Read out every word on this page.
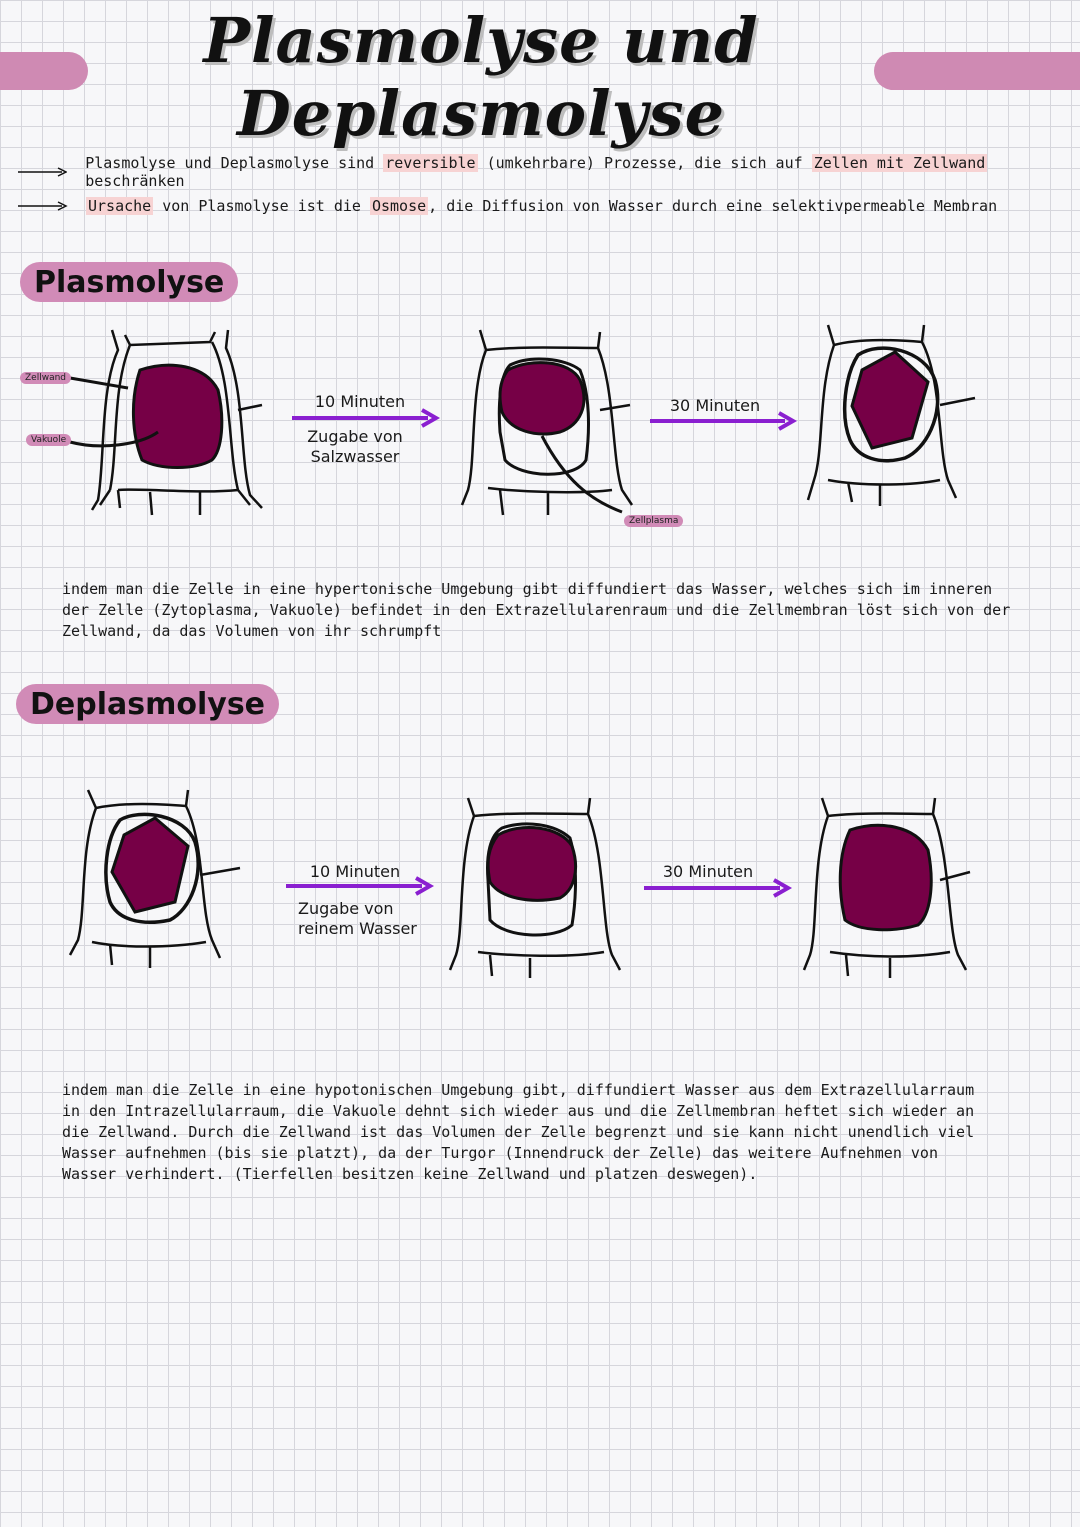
Plasmolyse und Deplasmolyse
Plasmolyse und Deplasmolyse sind reversible (umkehrbare) Prozesse, die sich auf Zellen mit Zellwand beschränken
Ursache von Plasmolyse ist die Osmose , die Diffusion von Wasser durch eine selektivpermeable Membran
Plasmolyse
Zellwand
Vakuole
Zellplasma
10 Minuten
Zugabe von
Salzwasser
30 Minuten
indem man die Zelle in eine hypertonische Umgebung gibt diffundiert das Wasser, welches sich im inneren der Zelle (Zytoplasma, Vakuole) befindet in den Extrazellularenraum und die Zellmembran löst sich von der Zellwand, da das Volumen von ihr schrumpft
Deplasmolyse
10 Minuten
Zugabe von
reinem Wasser
30 Minuten
indem man die Zelle in eine hypotonischen Umgebung gibt, diffundiert Wasser aus dem Extrazellularraum in den Intrazellularraum, die Vakuole dehnt sich wieder aus und die Zellmembran heftet sich wieder an die Zellwand. Durch die Zellwand ist das Volumen der Zelle begrenzt und sie kann nicht unendlich viel Wasser aufnehmen (bis sie platzt), da der Turgor (Innendruck der Zelle) das weitere Aufnehmen von Wasser verhindert. (Tierfellen besitzen keine Zellwand und platzen deswegen).
